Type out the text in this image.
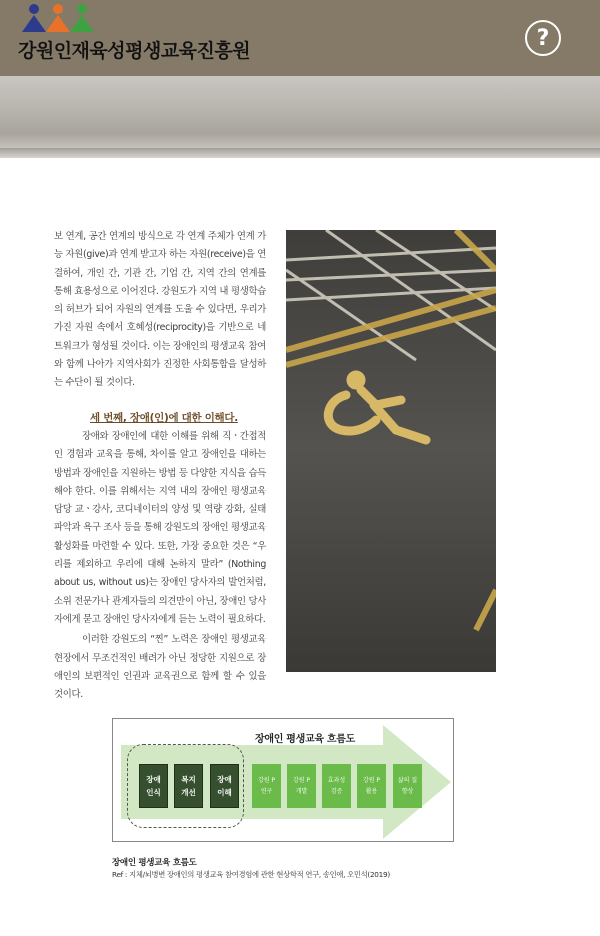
강원인재육성평생교육진흥원
?

보 연계, 공간 연계의 방식으로 각 연계 주체가 연계 가능 자원(give)과 연계 받고자 하는 자원(receive)을 연결하여, 개인 간, 기관 간, 기업 간, 지역 간의 연계를 통해 효용성으로 이어진다. 강원도가 지역 내 평생학습의 허브가 되어 자원의 연계를 도울 수 있다면, 우리가 가진 자원 속에서 호혜성(reciprocity)을 기반으로 네트워크가 형성될 것이다. 이는 장애인의 평생교육 참여와 함께 나아가 지역사회가 진정한 사회통합을 달성하는 수단이 될 것이다.

세 번째, 장애(인)에 대한 이해다.

장애와 장애인에 대한 이해를 위해 직ㆍ간접적인 경험과 교육을 통해, 차이를 알고 장애인을 대하는 방법과 장애인을 지원하는 방법 등 다양한 지식을 습득해야 한다. 이를 위해서는 지역 내의 장애인 평생교육 담당 교ㆍ강사, 코디네이터의 양성 및 역량 강화, 실태 파악과 욕구 조사 등을 통해 강원도의 장애인 평생교육 활성화를 마련할 수 있다. 또한, 가장 중요한 것은 “우리를 제외하고 우리에 대해 논하지 말라” (Nothing about us, without us)는 장애인 당사자의 발언처럼, 소위 전문가나 관계자들의 의견만이 아닌, 장애인 당사자에게 묻고 장애인 당사자에게 듣는 노력이 필요하다.

이러한 강원도의 “찐” 노력은 장애인 평생교육 현장에서 무조건적인 배려가 아닌 정당한 지원으로 장애인의 보편적인 인권과 교육권으로 함께 할 수 있을 것이다.

장애인 평생교육 흐름도
장애
인식
복지
개선
장애
이해
강원 P
연구
강원 P
개발
효과성
검증
강원 P
활용
삶의 질
향상
장애인 평생교육 흐름도
Ref : 지체/뇌병변 장애인의 평생교육 참여경험에 관한 현상학적 연구, 송인애, 오민석(2019)
